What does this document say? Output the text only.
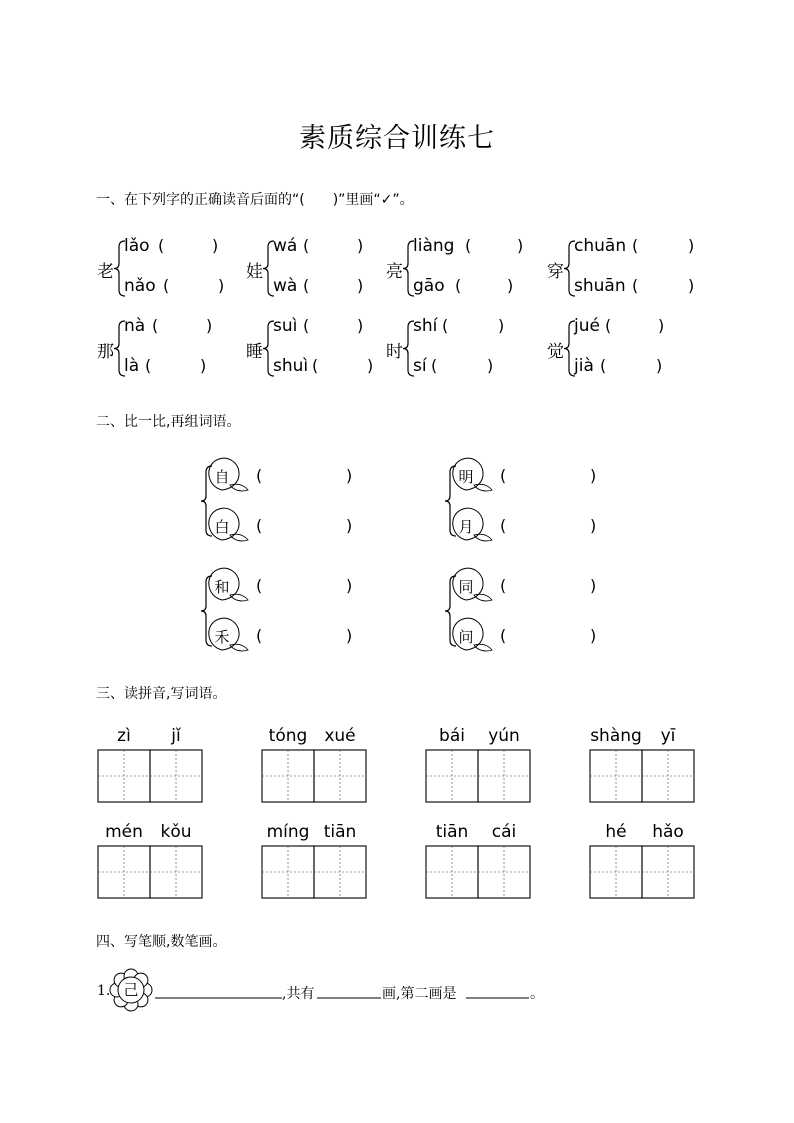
素质综合训练七
一、在下列字的正确读音后面的“(　　)”里画“✓”。
老
lǎo (	)
nǎo (	)
娃
wá (	)
wà (	)
亮
liàng (	)
gāo (	)
穿
chuān (	)
shuān (	)
那
nà (	)
là (	)
睡
suì (	)
shuì (	)
时
shí (	)
sí (	)
觉
jué (	)
jià (	)
二、比一比,再组词语。
自 (	)
白 (	)
明 (	)
月 (	)
和 (	)
禾 (	)
同 (	)
问 (	)
三、读拼音,写词语。
zì	jǐ	tóng	xué	bái	yún	shàng	yī
mén	kǒu	míng tiān	tiān	cái	hé	hǎo
四、写笔顺,数笔画。
1. 己	,共有	画,第二画是	。
